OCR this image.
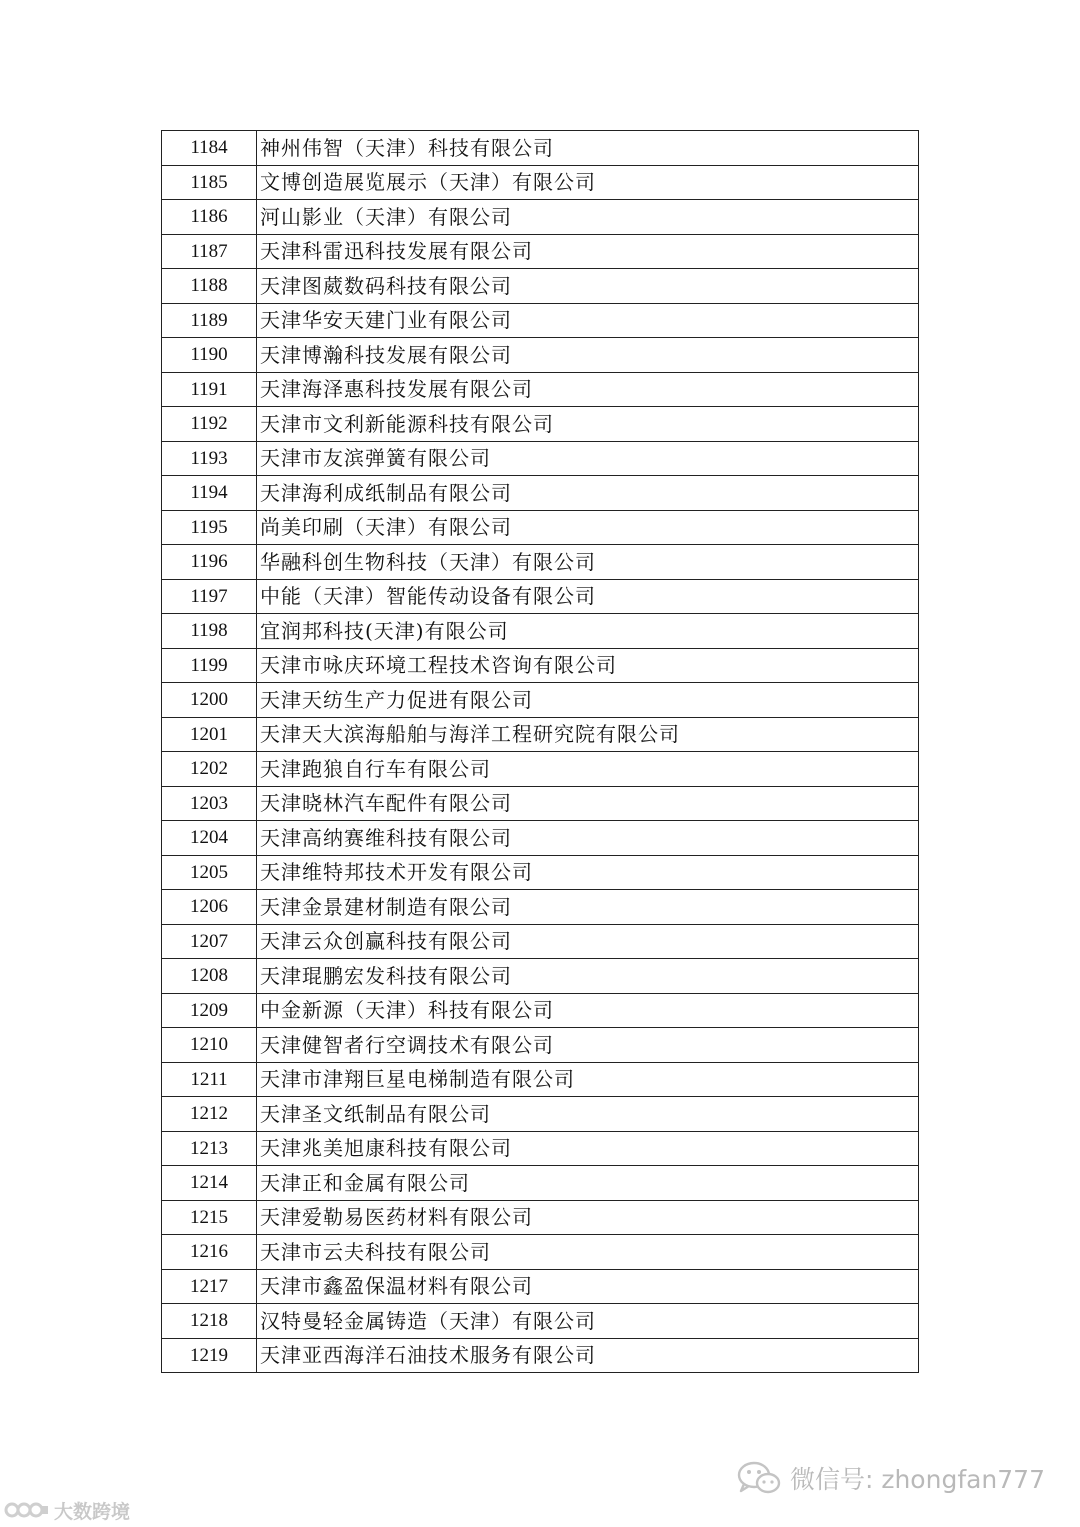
1184	神州伟智（天津）科技有限公司
1185	文博创造展览展示（天津）有限公司
1186	河山影业（天津）有限公司
1187	天津科雷迅科技发展有限公司
1188	天津图葳数码科技有限公司
1189	天津华安天建门业有限公司
1190	天津博瀚科技发展有限公司
1191	天津海泽惠科技发展有限公司
1192	天津市文利新能源科技有限公司
1193	天津市友滨弹簧有限公司
1194	天津海利成纸制品有限公司
1195	尚美印刷（天津）有限公司
1196	华融科创生物科技（天津）有限公司
1197	中能（天津）智能传动设备有限公司
1198	宜润邦科技(天津)有限公司
1199	天津市咏庆环境工程技术咨询有限公司
1200	天津天纺生产力促进有限公司
1201	天津天大滨海船舶与海洋工程研究院有限公司
1202	天津跑狼自行车有限公司
1203	天津晓林汽车配件有限公司
1204	天津高纳赛维科技有限公司
1205	天津维特邦技术开发有限公司
1206	天津金景建材制造有限公司
1207	天津云众创赢科技有限公司
1208	天津琨鹏宏发科技有限公司
1209	中金新源（天津）科技有限公司
1210	天津健智者行空调技术有限公司
1211	天津市津翔巨星电梯制造有限公司
1212	天津圣文纸制品有限公司
1213	天津兆美旭康科技有限公司
1214	天津正和金属有限公司
1215	天津爱勒易医药材料有限公司
1216	天津市云夫科技有限公司
1217	天津市鑫盈保温材料有限公司
1218	汉特曼轻金属铸造（天津）有限公司
1219	天津亚西海洋石油技术服务有限公司
微信号: zhongfan777
大数跨境
